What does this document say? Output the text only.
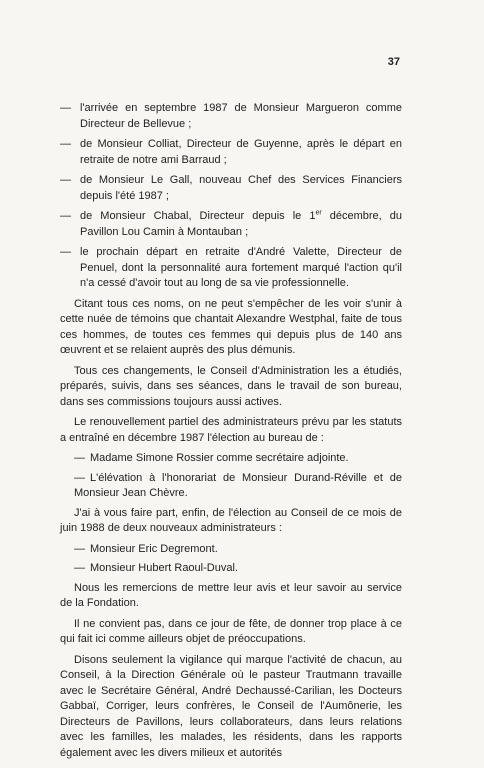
37

— l'arrivée en septembre 1987 de Monsieur Margueron comme Directeur de Bellevue ;

— de Monsieur Colliat, Directeur de Guyenne, après le départ en retraite de notre ami Barraud ;

— de Monsieur Le Gall, nouveau Chef des Services Financiers depuis l'été 1987 ;

— de Monsieur Chabal, Directeur depuis le 1er décembre, du Pavillon Lou Camin à Montauban ;

— le prochain départ en retraite d'André Valette, Directeur de Penuel, dont la personnalité aura fortement marqué l'action qu'il n'a cessé d'avoir tout au long de sa vie professionnelle.

Citant tous ces noms, on ne peut s'empêcher de les voir s'unir à cette nuée de témoins que chantait Alexandre Westphal, faite de tous ces hommes, de toutes ces femmes qui depuis plus de 140 ans œuvrent et se relaient auprès des plus démunis.

Tous ces changements, le Conseil d'Administration les a étudiés, préparés, suivis, dans ses séances, dans le travail de son bureau, dans ses commissions toujours aussi actives.

Le renouvellement partiel des administrateurs prévu par les statuts a entraîné en décembre 1987 l'élection au bureau de :

— Madame Simone Rossier comme secrétaire adjointe.

— L'élévation à l'honorariat de Monsieur Durand-Réville et de Monsieur Jean Chèvre.

J'ai à vous faire part, enfin, de l'élection au Conseil de ce mois de juin 1988 de deux nouveaux administrateurs :

— Monsieur Eric Degremont.

— Monsieur Hubert Raoul-Duval.

Nous les remercions de mettre leur avis et leur savoir au service de la Fondation.

Il ne convient pas, dans ce jour de fête, de donner trop place à ce qui fait ici comme ailleurs objet de préoccupations.

Disons seulement la vigilance qui marque l'activité de chacun, au Conseil, à la Direction Générale où le pasteur Trautmann travaille avec le Secrétaire Général, André Dechaussé-Carilian, les Docteurs Gabbaï, Corriger, leurs confrères, le Conseil de l'Aumônerie, les Directeurs de Pavillons, leurs collaborateurs, dans leurs relations avec les familles, les malades, les résidents, dans les rapports également avec les divers milieux et autorités
